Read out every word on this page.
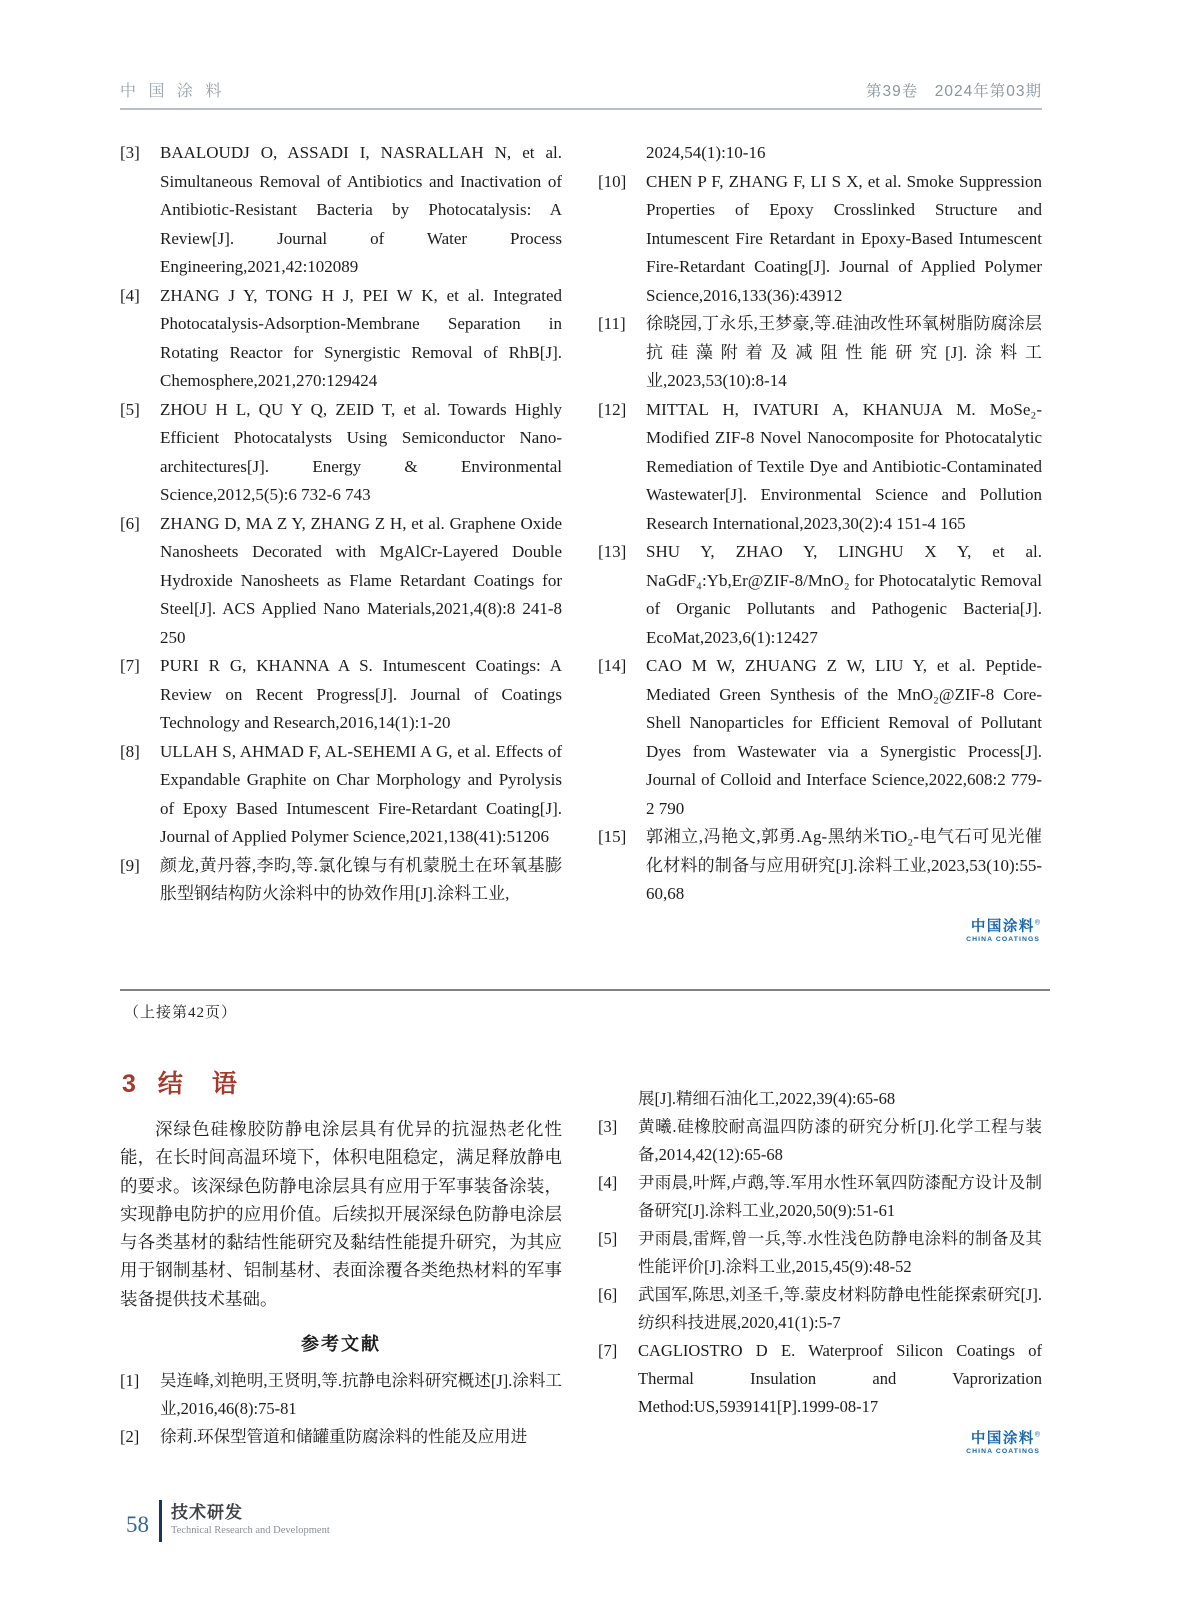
中 国 涂 料	第39卷　2024年第03期
[3]	BAALOUDJ O, ASSADI I, NASRALLAH N, et al. Simultaneous Removal of Antibiotics and Inactivation of Antibiotic-Resistant Bacteria by Photocatalysis: A Review[J]. Journal of Water Process Engineering,2021,42:102089
[4]	ZHANG J Y, TONG H J, PEI W K, et al. Integrated Photocatalysis-Adsorption-Membrane Separation in Rotating Reactor for Synergistic Removal of RhB[J]. Chemosphere,2021,270:129424
[5]	ZHOU H L, QU Y Q, ZEID T, et al. Towards Highly Efficient Photocatalysts Using Semiconductor Nano-architectures[J]. Energy & Environmental Science,2012,5(5):6 732-6 743
[6]	ZHANG D, MA Z Y, ZHANG Z H, et al. Graphene Oxide Nanosheets Decorated with MgAlCr-Layered Double Hydroxide Nanosheets as Flame Retardant Coatings for Steel[J]. ACS Applied Nano Materials,2021,4(8):8 241-8 250
[7]	PURI R G, KHANNA A S. Intumescent Coatings: A Review on Recent Progress[J]. Journal of Coatings Technology and Research,2016,14(1):1-20
[8]	ULLAH S, AHMAD F, AL-SEHEMI A G, et al. Effects of Expandable Graphite on Char Morphology and Pyrolysis of Epoxy Based Intumescent Fire-Retardant Coating[J]. Journal of Applied Polymer Science,2021,138(41):51206
[9]	颜龙,黄丹蓉,李昀,等.氯化镍与有机蒙脱土在环氧基膨胀型钢结构防火涂料中的协效作用[J].涂料工业,
2024,54(1):10-16
[10]	CHEN P F, ZHANG F, LI S X, et al. Smoke Suppression Properties of Epoxy Crosslinked Structure and Intumescent Fire Retardant in Epoxy-Based Intumescent Fire-Retardant Coating[J]. Journal of Applied Polymer Science,2016,133(36):43912
[11]	徐晓园,丁永乐,王梦豪,等.硅油改性环氧树脂防腐涂层抗硅藻附着及减阻性能研究[J].涂料工业,2023,53(10):8-14
[12]	MITTAL H, IVATURI A, KHANUJA M. MoSe₂-Modified ZIF-8 Novel Nanocomposite for Photocatalytic Remediation of Textile Dye and Antibiotic-Contaminated Wastewater[J]. Environmental Science and Pollution Research International,2023,30(2):4 151-4 165
[13]	SHU Y, ZHAO Y, LINGHU X Y, et al. NaGdF₄:Yb,Er@ZIF-8/MnO₂ for Photocatalytic Removal of Organic Pollutants and Pathogenic Bacteria[J]. EcoMat,2023,6(1):12427
[14]	CAO M W, ZHUANG Z W, LIU Y, et al. Peptide-Mediated Green Synthesis of the MnO₂@ZIF-8 Core-Shell Nanoparticles for Efficient Removal of Pollutant Dyes from Wastewater via a Synergistic Process[J]. Journal of Colloid and Interface Science,2022,608:2 779-2 790
[15]	郭湘立,冯艳文,郭勇.Ag-黑纳米TiO₂-电气石可见光催化材料的制备与应用研究[J].涂料工业,2023,53(10):55-60,68
中国涂料®
CHINA COATINGS
（上接第42页）
3 结　语

深绿色硅橡胶防静电涂层具有优异的抗湿热老化性能，在长时间高温环境下，体积电阻稳定，满足释放静电的要求。该深绿色防静电涂层具有应用于军事装备涂装，实现静电防护的应用价值。后续拟开展深绿色防静电涂层与各类基材的黏结性能研究及黏结性能提升研究，为其应用于钢制基材、铝制基材、表面涂覆各类绝热材料的军事装备提供技术基础。

参考文献
[1]	吴连峰,刘艳明,王贤明,等.抗静电涂料研究概述[J].涂料工业,2016,46(8):75-81
[2]	徐莉.环保型管道和储罐重防腐涂料的性能及应用进
展[J].精细石油化工,2022,39(4):65-68
[3]	黄曦.硅橡胶耐高温四防漆的研究分析[J].化学工程与装备,2014,42(12):65-68
[4]	尹雨晨,叶辉,卢鹉,等.军用水性环氧四防漆配方设计及制备研究[J].涂料工业,2020,50(9):51-61
[5]	尹雨晨,雷辉,曾一兵,等.水性浅色防静电涂料的制备及其性能评价[J].涂料工业,2015,45(9):48-52
[6]	武国军,陈思,刘圣千,等.蒙皮材料防静电性能探索研究[J].纺织科技进展,2020,41(1):5-7
[7]	CAGLIOSTRO D E. Waterproof Silicon Coatings of Thermal Insulation and Vaprorization Method:US,5939141[P].1999-08-17
中国涂料®
CHINA COATINGS
58 技术研发
Technical Research and Development
